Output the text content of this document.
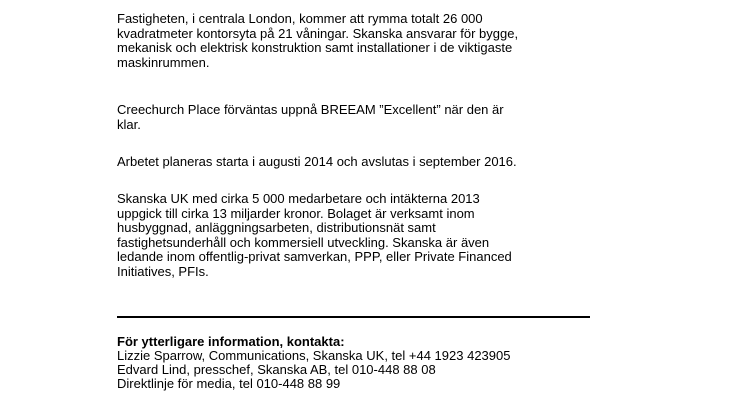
Fastigheten, i centrala London, kommer att rymma totalt 26 000
kvadratmeter kontorsyta på 21 våningar. Skanska ansvarar för bygge,
mekanisk och elektrisk konstruktion samt installationer i de viktigaste
maskinrummen.

Creechurch Place förväntas uppnå BREEAM ”Excellent” när den är
klar.

Arbetet planeras starta i augusti 2014 och avslutas i september 2016.

Skanska UK med cirka 5 000 medarbetare och intäkterna 2013
uppgick till cirka 13 miljarder kronor. Bolaget är verksamt inom
husbyggnad, anläggningsarbeten, distributionsnät samt
fastighetsunderhåll och kommersiell utveckling. Skanska är även
ledande inom offentlig-privat samverkan, PPP, eller Private Financed
Initiatives, PFIs.

För ytterligare information, kontakta:
Lizzie Sparrow, Communications, Skanska UK, tel +44 1923 423905
Edvard Lind, presschef, Skanska AB, tel 010-448 88 08
Direktlinje för media, tel 010-448 88 99
